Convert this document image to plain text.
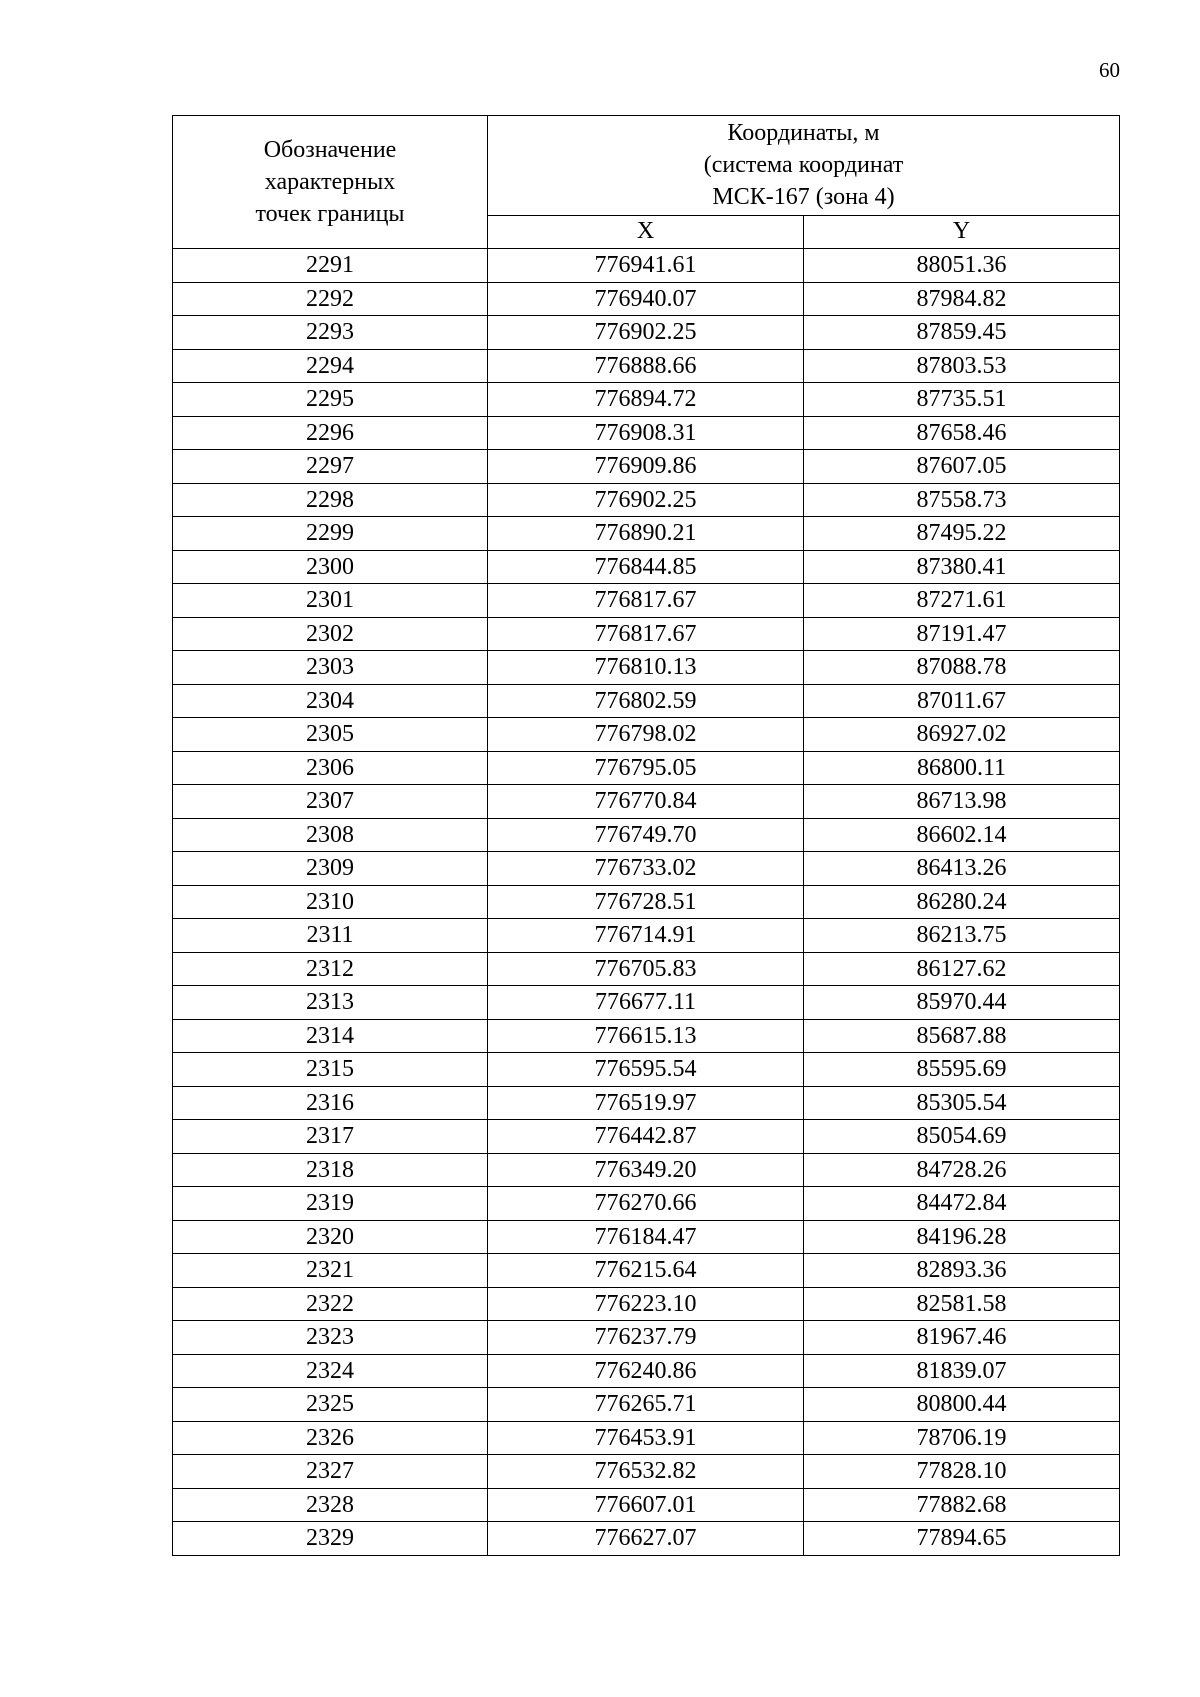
60
Обозначение
характерных
точек границы	Координаты, м
(система координат
МСК-167 (зона 4)	

	X	Y
2291	776941.61	88051.36
2292	776940.07	87984.82
2293	776902.25	87859.45
2294	776888.66	87803.53
2295	776894.72	87735.51
2296	776908.31	87658.46
2297	776909.86	87607.05
2298	776902.25	87558.73
2299	776890.21	87495.22
2300	776844.85	87380.41
2301	776817.67	87271.61
2302	776817.67	87191.47
2303	776810.13	87088.78
2304	776802.59	87011.67
2305	776798.02	86927.02
2306	776795.05	86800.11
2307	776770.84	86713.98
2308	776749.70	86602.14
2309	776733.02	86413.26
2310	776728.51	86280.24
2311	776714.91	86213.75
2312	776705.83	86127.62
2313	776677.11	85970.44
2314	776615.13	85687.88
2315	776595.54	85595.69
2316	776519.97	85305.54
2317	776442.87	85054.69
2318	776349.20	84728.26
2319	776270.66	84472.84
2320	776184.47	84196.28
2321	776215.64	82893.36
2322	776223.10	82581.58
2323	776237.79	81967.46
2324	776240.86	81839.07
2325	776265.71	80800.44
2326	776453.91	78706.19
2327	776532.82	77828.10
2328	776607.01	77882.68
2329	776627.07	77894.65
